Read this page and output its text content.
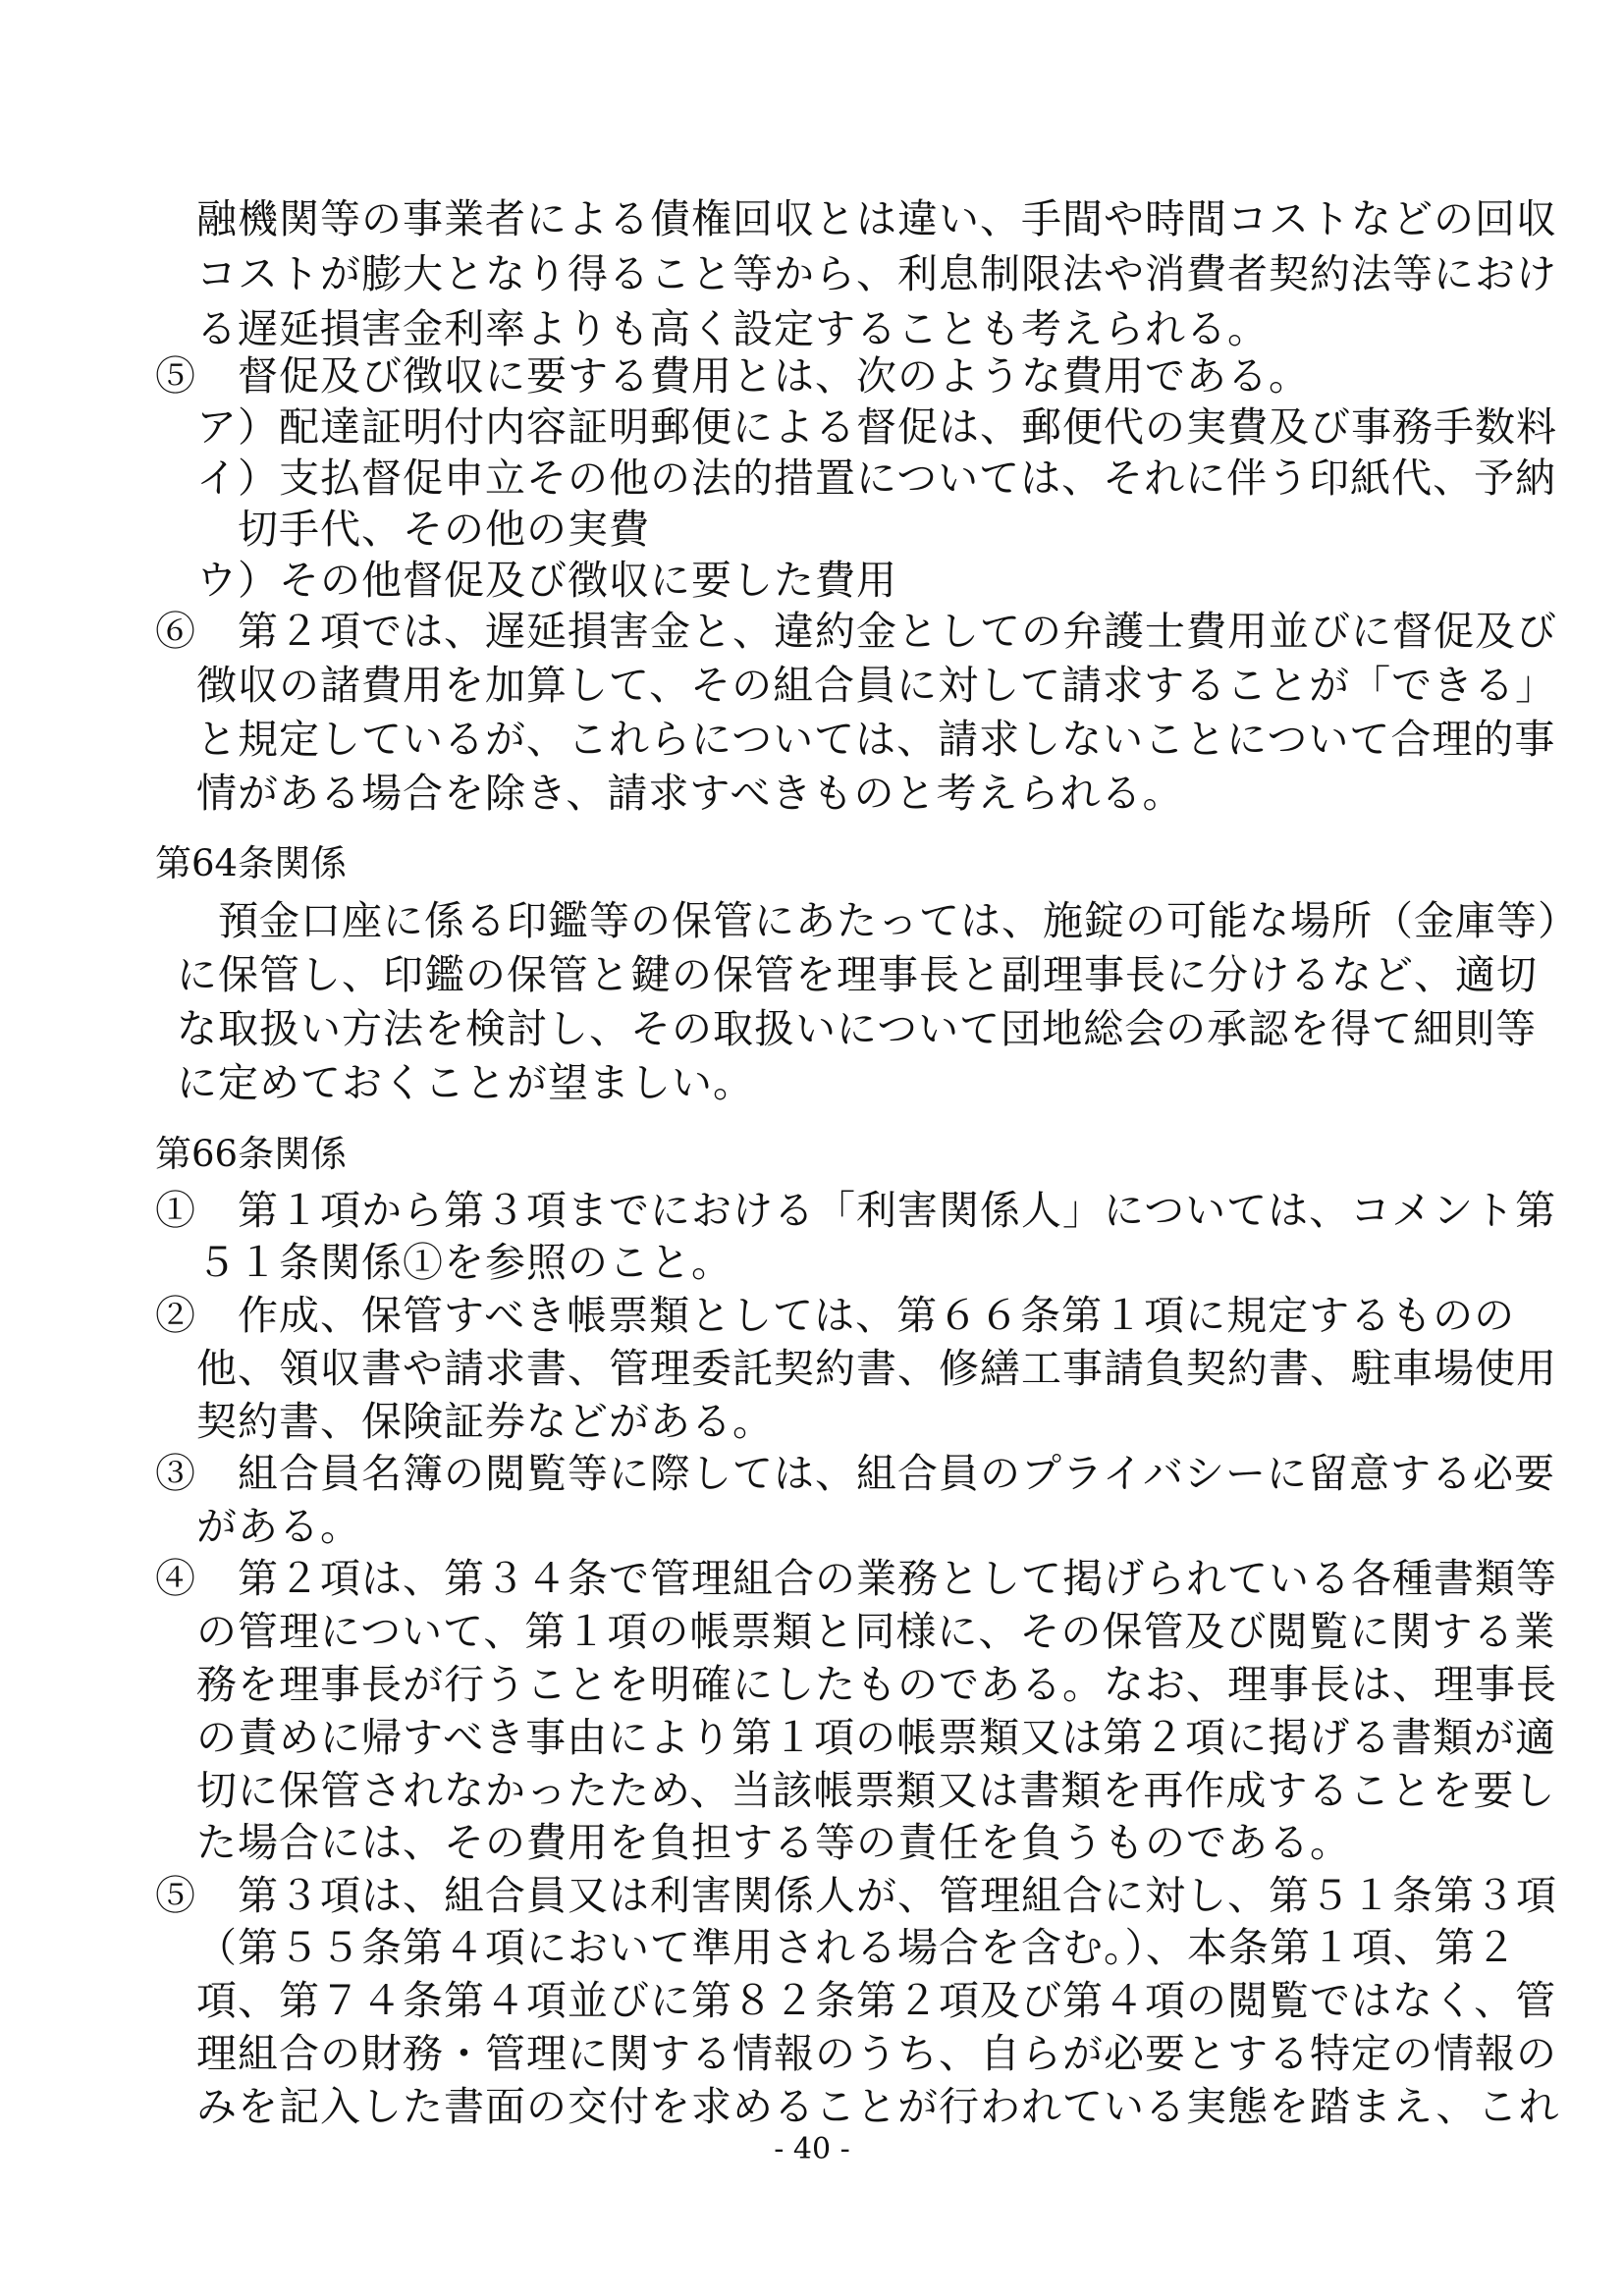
融機関等の事業者による債権回収とは違い、手間や時間コストなどの回収
コストが膨大となり得ること等から、利息制限法や消費者契約法等におけ
る遅延損害金利率よりも高く設定することも考えられる。
⑤　督促及び徴収に要する費用とは、次のような費用である。
ア）配達証明付内容証明郵便による督促は、郵便代の実費及び事務手数料
イ）支払督促申立その他の法的措置については、それに伴う印紙代、予納
切手代、その他の実費
ウ）その他督促及び徴収に要した費用
⑥　第２項では、遅延損害金と、違約金としての弁護士費用並びに督促及び
徴収の諸費用を加算して、その組合員に対して請求することが「できる」
と規定しているが、これらについては、請求しないことについて合理的事
情がある場合を除き、請求すべきものと考えられる。
第64条関係
預金口座に係る印鑑等の保管にあたっては、施錠の可能な場所（金庫等）
に保管し、印鑑の保管と鍵の保管を理事長と副理事長に分けるなど、適切
な取扱い方法を検討し、その取扱いについて団地総会の承認を得て細則等
に定めておくことが望ましい。
第66条関係
①　第１項から第３項までにおける「利害関係人」については、コメント第
５１条関係①を参照のこと。
②　作成、保管すべき帳票類としては、第６６条第１項に規定するものの
他、領収書や請求書、管理委託契約書、修繕工事請負契約書、駐車場使用
契約書、保険証券などがある。
③　組合員名簿の閲覧等に際しては、組合員のプライバシーに留意する必要
がある。
④　第２項は、第３４条で管理組合の業務として掲げられている各種書類等
の管理について、第１項の帳票類と同様に、その保管及び閲覧に関する業
務を理事長が行うことを明確にしたものである。なお、理事長は、理事長
の責めに帰すべき事由により第１項の帳票類又は第２項に掲げる書類が適
切に保管されなかったため、当該帳票類又は書類を再作成することを要し
た場合には、その費用を負担する等の責任を負うものである。
⑤　第３項は、組合員又は利害関係人が、管理組合に対し、第５１条第３項
（第５５条第４項において準用される場合を含む。）、本条第１項、第２
項、第７４条第４項並びに第８２条第２項及び第４項の閲覧ではなく、管
理組合の財務・管理に関する情報のうち、自らが必要とする特定の情報の
みを記入した書面の交付を求めることが行われている実態を踏まえ、これ
- 40 -
